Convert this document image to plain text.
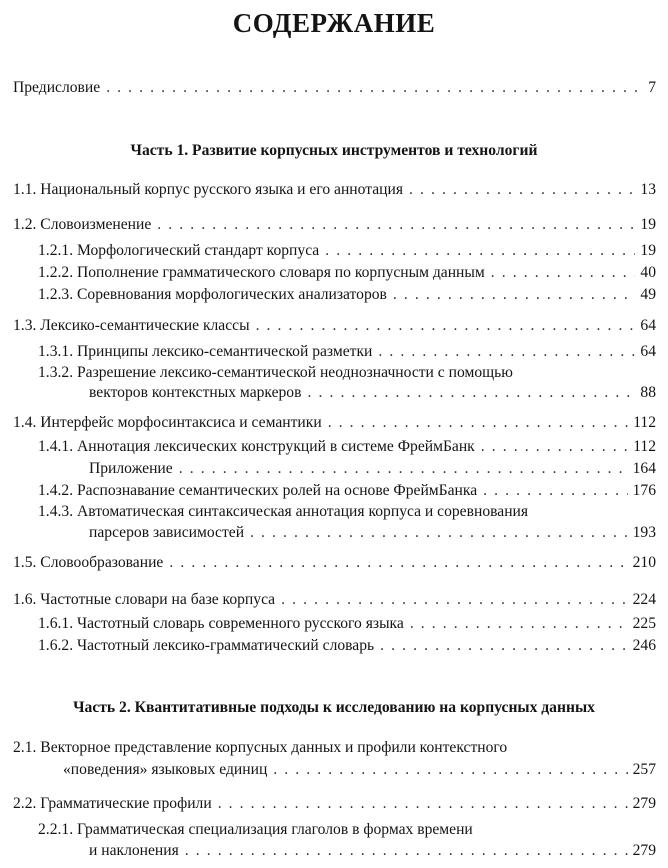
СОДЕРЖАНИЕ
Предисловие . . .	7
Часть 1. Развитие корпусных инструментов и технологий
1.1. Национальный корпус русского языка и его аннотация . . .	13
1.2. Словоизменение . . .	19
1.2.1. Морфологический стандарт корпуса . . .	19
1.2.2. Пополнение грамматического словаря по корпусным данным . . .	40
1.2.3. Соревнования морфологических анализаторов . . .	49
1.3. Лексико-семантические классы . . .	64
1.3.1. Принципы лексико-семантической разметки . . .	64
1.3.2. Разрешение лексико-семантической неоднозначности с помощью
векторов контекстных маркеров . . .	88
1.4. Интерфейс морфосинтаксиса и семантики . . .	112
1.4.1. Аннотация лексических конструкций в системе ФреймБанк . . .	112
Приложение . . .	164
1.4.2. Распознавание семантических ролей на основе ФреймБанка . . .	176
1.4.3. Автоматическая синтаксическая аннотация корпуса и соревнования
парсеров зависимостей . . .	193
1.5. Словообразование . . .	210
1.6. Частотные словари на базе корпуса . . .	224
1.6.1. Частотный словарь современного русского языка . . .	225
1.6.2. Частотный лексико-грамматический словарь . . .	246
Часть 2. Квантитативные подходы к исследованию на корпусных данных
2.1. Векторное представление корпусных данных и профили контекстного
«поведения» языковых единиц . . .	257
2.2. Грамматические профили . . .	279
2.2.1. Грамматическая специализация глаголов в формах времени
и наклонения . . .	279
